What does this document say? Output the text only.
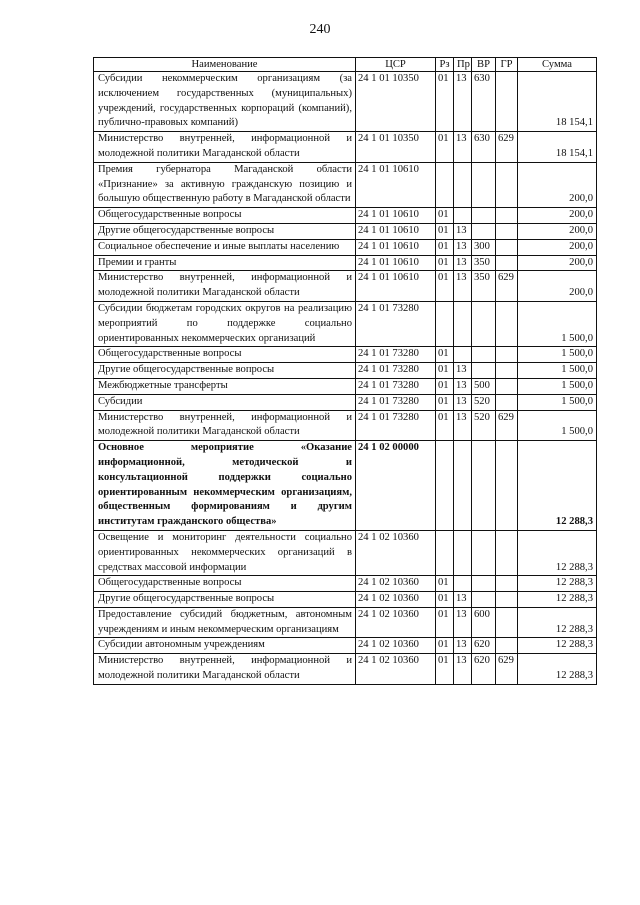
240
Наименование	ЦСР	Рз	Пр	ВР	ГР	Сумма
Субсидии некоммерческим организациям (за исключением государственных (муниципальных) учреждений, государственных корпораций (компаний), публично-правовых компаний)	24 1 01 10350	01	13	630		18 154,1
Министерство внутренней, информационной и молодежной политики Магаданской области	24 1 01 10350	01	13	630	629	18 154,1
Премия губернатора Магаданской области «Признание» за активную гражданскую позицию и большую общественную работу в Магаданской области	24 1 01 10610					200,0
Общегосударственные вопросы	24 1 01 10610	01				200,0
Другие общегосударственные вопросы	24 1 01 10610	01	13			200,0
Социальное обеспечение и иные выплаты населению	24 1 01 10610	01	13	300		200,0
Премии и гранты	24 1 01 10610	01	13	350		200,0
Министерство внутренней, информационной и молодежной политики Магаданской области	24 1 01 10610	01	13	350	629	200,0
Субсидии бюджетам городских округов на реализацию мероприятий по поддержке социально ориентированных некоммерческих организаций	24 1 01 73280					1 500,0
Общегосударственные вопросы	24 1 01 73280	01				1 500,0
Другие общегосударственные вопросы	24 1 01 73280	01	13			1 500,0
Межбюджетные трансферты	24 1 01 73280	01	13	500		1 500,0
Субсидии	24 1 01 73280	01	13	520		1 500,0
Министерство внутренней, информационной и молодежной политики Магаданской области	24 1 01 73280	01	13	520	629	1 500,0
Основное мероприятие «Оказание информационной, методической и консультационной поддержки социально ориентированным некоммерческим организациям, общественным формированиям и другим институтам гражданского общества»	24 1 02 00000					12 288,3
Освещение и мониторинг деятельности социально ориентированных некоммерческих организаций в средствах массовой информации	24 1 02 10360					12 288,3
Общегосударственные вопросы	24 1 02 10360	01				12 288,3
Другие общегосударственные вопросы	24 1 02 10360	01	13			12 288,3
Предоставление субсидий бюджетным, автономным учреждениям и иным некоммерческим организациям	24 1 02 10360	01	13	600		12 288,3
Субсидии автономным учреждениям	24 1 02 10360	01	13	620		12 288,3
Министерство внутренней, информационной и молодежной политики Магаданской области	24 1 02 10360	01	13	620	629	12 288,3
